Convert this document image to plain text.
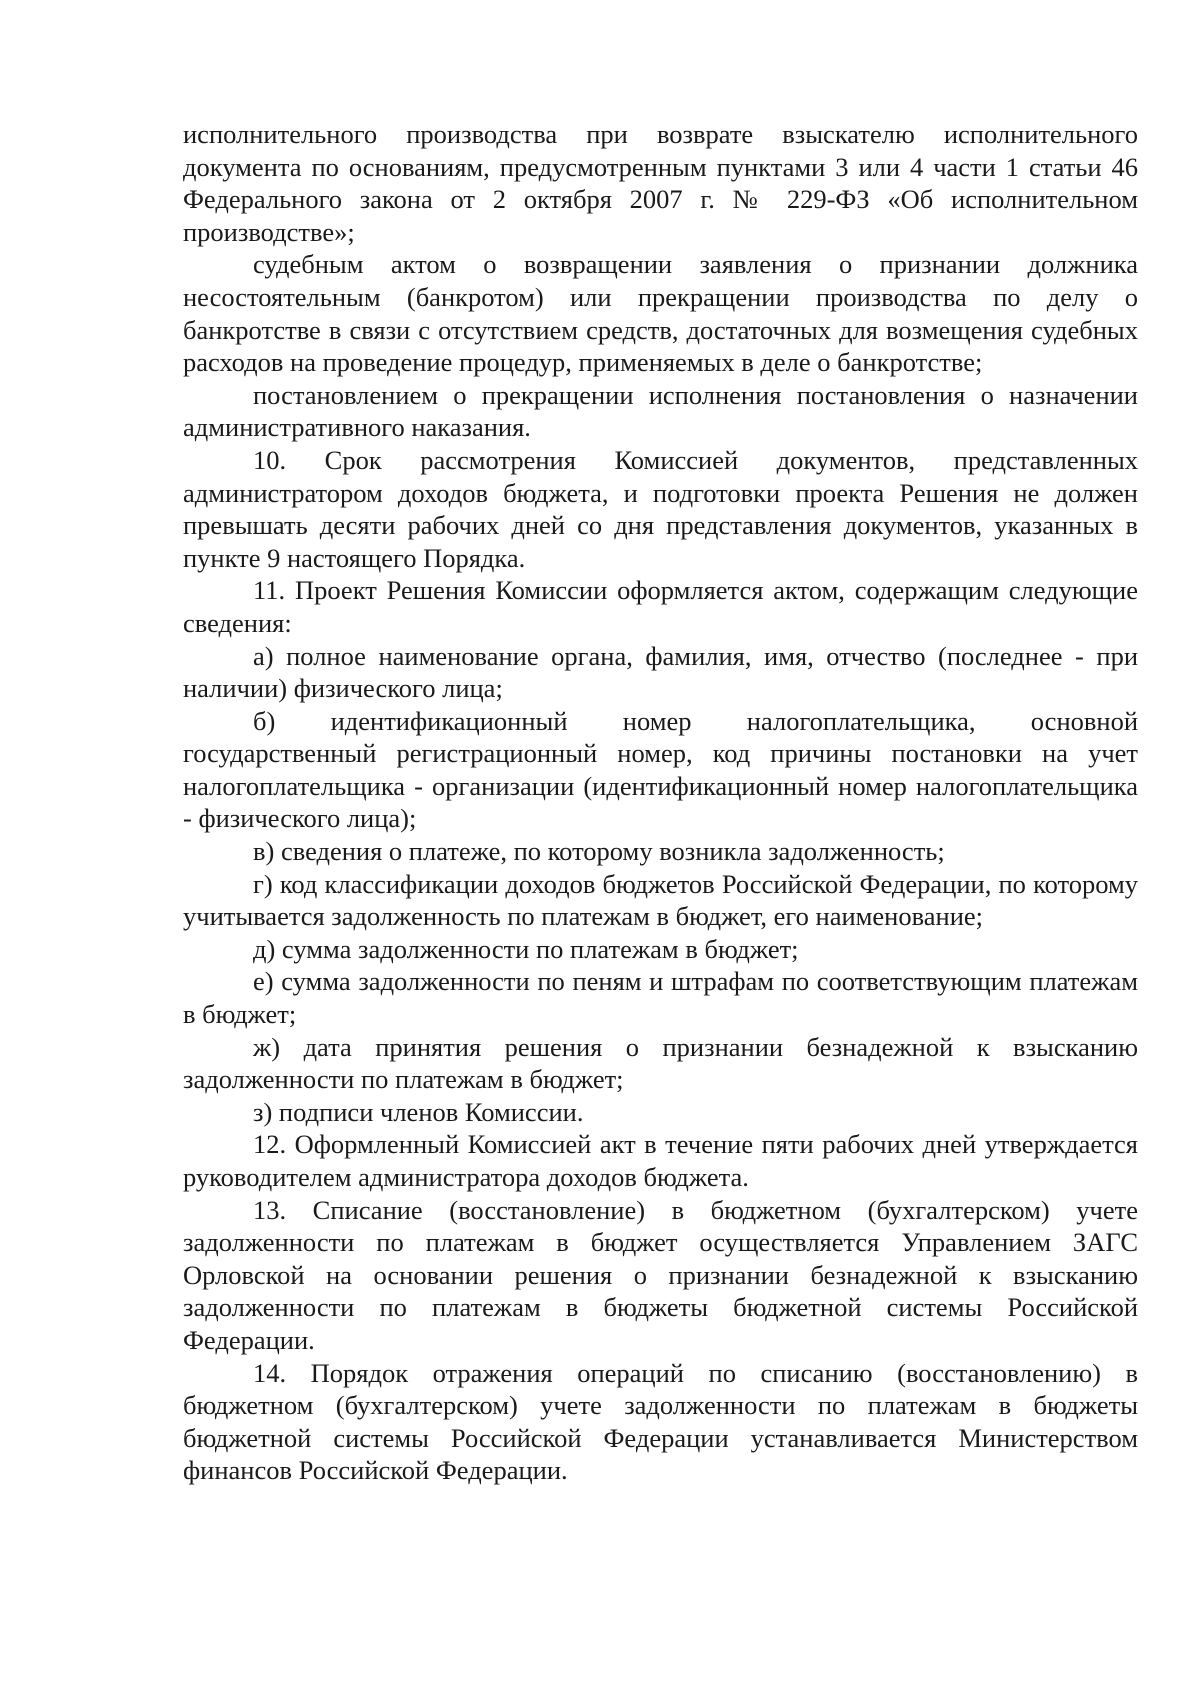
исполнительного производства при возврате взыскателю исполнительного документа по основаниям, предусмотренным пунктами 3 или 4 части 1 статьи 46 Федерального закона от 2 октября 2007 г. № 229-ФЗ «Об исполнительном производстве»;

судебным актом о возвращении заявления о признании должника несостоятельным (банкротом) или прекращении производства по делу о банкротстве в связи с отсутствием средств, достаточных для возмещения судебных расходов на проведение процедур, применяемых в деле о банкротстве;

постановлением о прекращении исполнения постановления о назначении административного наказания.

10. Срок рассмотрения Комиссией документов, представленных администратором доходов бюджета, и подготовки проекта Решения не должен превышать десяти рабочих дней со дня представления документов, указанных в пункте 9 настоящего Порядка.

11. Проект Решения Комиссии оформляется актом, содержащим следующие сведения:

а) полное наименование органа, фамилия, имя, отчество (последнее - при наличии) физического лица;

б) идентификационный номер налогоплательщика, основной государственный регистрационный номер, код причины постановки на учет налогоплательщика - организации (идентификационный номер налогоплательщика - физического лица);

в) сведения о платеже, по которому возникла задолженность;

г) код классификации доходов бюджетов Российской Федерации, по которому учитывается задолженность по платежам в бюджет, его наименование;

д) сумма задолженности по платежам в бюджет;

е) сумма задолженности по пеням и штрафам по соответствующим платежам в бюджет;

ж) дата принятия решения о признании безнадежной к взысканию задолженности по платежам в бюджет;

з) подписи членов Комиссии.

12. Оформленный Комиссией акт в течение пяти рабочих дней утверждается руководителем администратора доходов бюджета.

13. Списание (восстановление) в бюджетном (бухгалтерском) учете задолженности по платежам в бюджет осуществляется Управлением ЗАГС Орловской на основании решения о признании безнадежной к взысканию задолженности по платежам в бюджеты бюджетной системы Российской Федерации.

14. Порядок отражения операций по списанию (восстановлению) в бюджетном (бухгалтерском) учете задолженности по платежам в бюджеты бюджетной системы Российской Федерации устанавливается Министерством финансов Российской Федерации.
